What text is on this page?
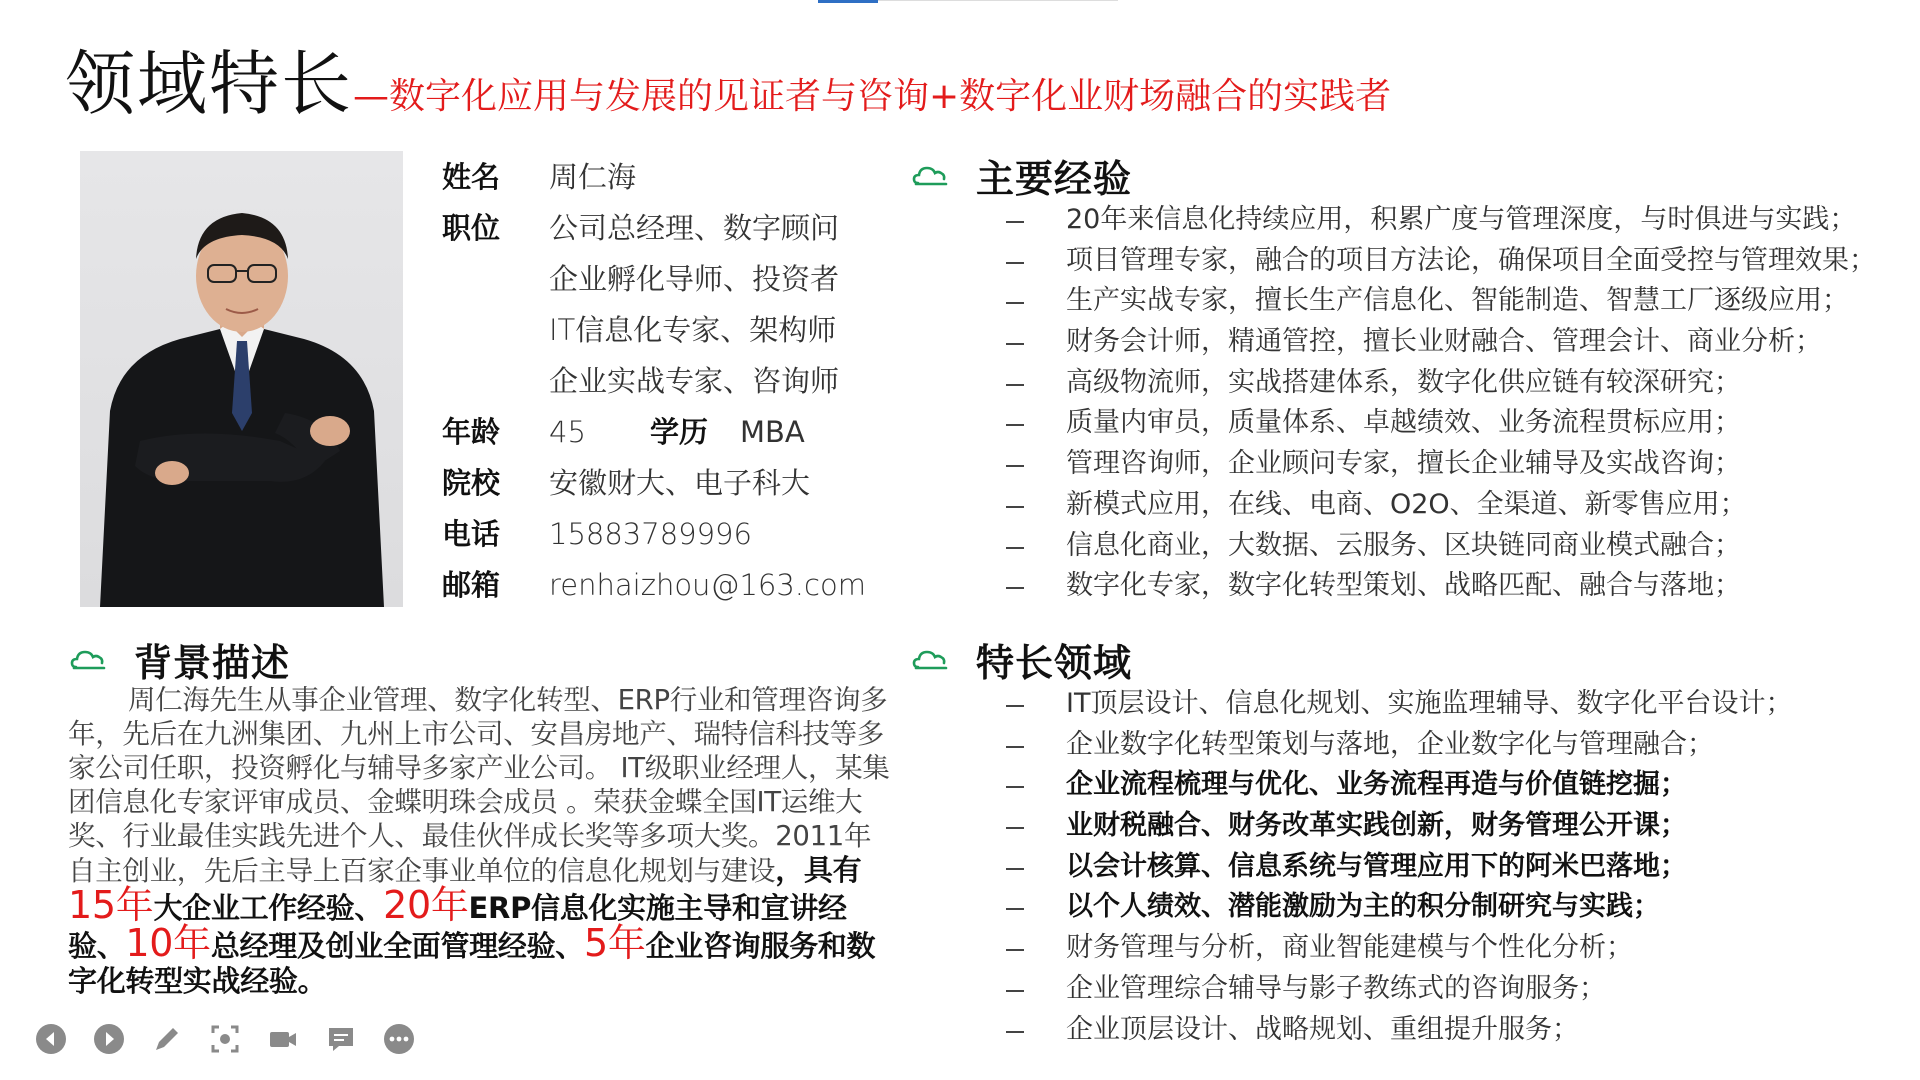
领域特长—数字化应用与发展的见证者与咨询+数字化业财场融合的实践者
姓名 周仁海
职位 公司总经理、数字顾问
企业孵化导师、投资者
IT信息化专家、架构师
企业实战专家、咨询师
年龄 45 学历 MBA
院校 安徽财大、电子科大
电话 15883789996
邮箱 renhaizhou@163.com
背景描述
周仁海先生从事企业管理、数字化转型、ERP行业和管理咨询多年，先后在九洲集团、九州上市公司、安昌房地产、瑞特信科技等多家公司任职，投资孵化与辅导多家产业公司。 IT级职业经理人，某集团信息化专家评审成员、金蝶明珠会成员 。荣获金蝶全国IT运维大奖、行业最佳实践先进个人、最佳伙伴成长奖等多项大奖。2011年自主创业，先后主导上百家企事业单位的信息化规划与建设，具有15年大企业工作经验、20年ERP信息化实施主导和宣讲经验、10年总经理及创业全面管理经验、5年企业咨询服务和数字化转型实战经验。
主要经验
20年来信息化持续应用，积累广度与管理深度，与时俱进与实践；
项目管理专家，融合的项目方法论，确保项目全面受控与管理效果；
生产实战专家，擅长生产信息化、智能制造、智慧工厂逐级应用；
财务会计师，精通管控，擅长业财融合、管理会计、商业分析；
高级物流师，实战搭建体系，数字化供应链有较深研究；
质量内审员，质量体系、卓越绩效、业务流程贯标应用；
管理咨询师，企业顾问专家，擅长企业辅导及实战咨询；
新模式应用，在线、电商、O2O、全渠道、新零售应用；
信息化商业，大数据、云服务、区块链同商业模式融合；
数字化专家，数字化转型策划、战略匹配、融合与落地；
特长领域
IT顶层设计、信息化规划、实施监理辅导、数字化平台设计；
企业数字化转型策划与落地，企业数字化与管理融合；
企业流程梳理与优化、业务流程再造与价值链挖掘；
业财税融合、财务改革实践创新，财务管理公开课；
以会计核算、信息系统与管理应用下的阿米巴落地；
以个人绩效、潜能激励为主的积分制研究与实践；
财务管理与分析，商业智能建模与个性化分析；
企业管理综合辅导与影子教练式的咨询服务；
企业顶层设计、战略规划、重组提升服务；
